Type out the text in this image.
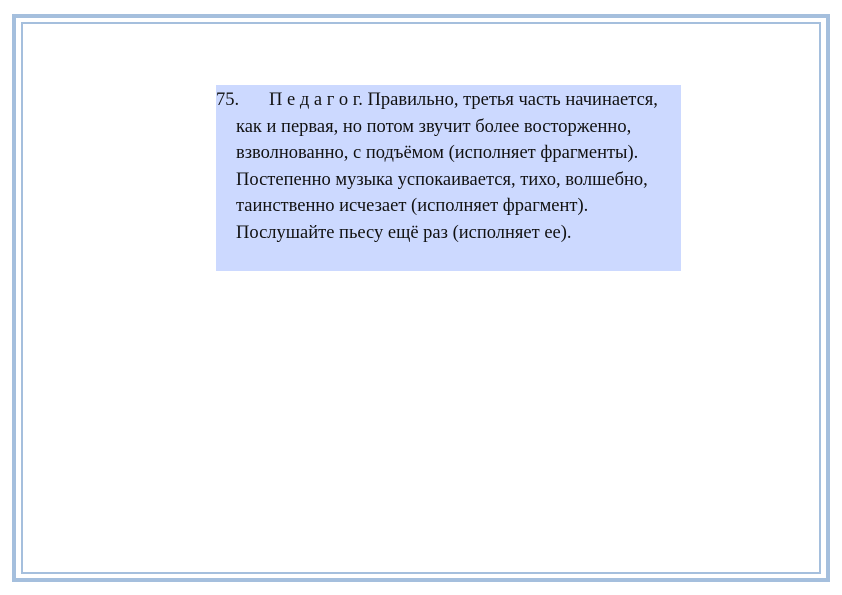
75. П е д а г о г. Правильно, третья часть начинается, как и первая, но потом звучит более восторженно, взволнованно, с подъёмом (исполняет фрагменты). Постепенно музыка успокаивается, тихо, волшебно, таинственно исчезает (исполняет фрагмент). Послушайте пьесу ещё раз (исполняет ее).
